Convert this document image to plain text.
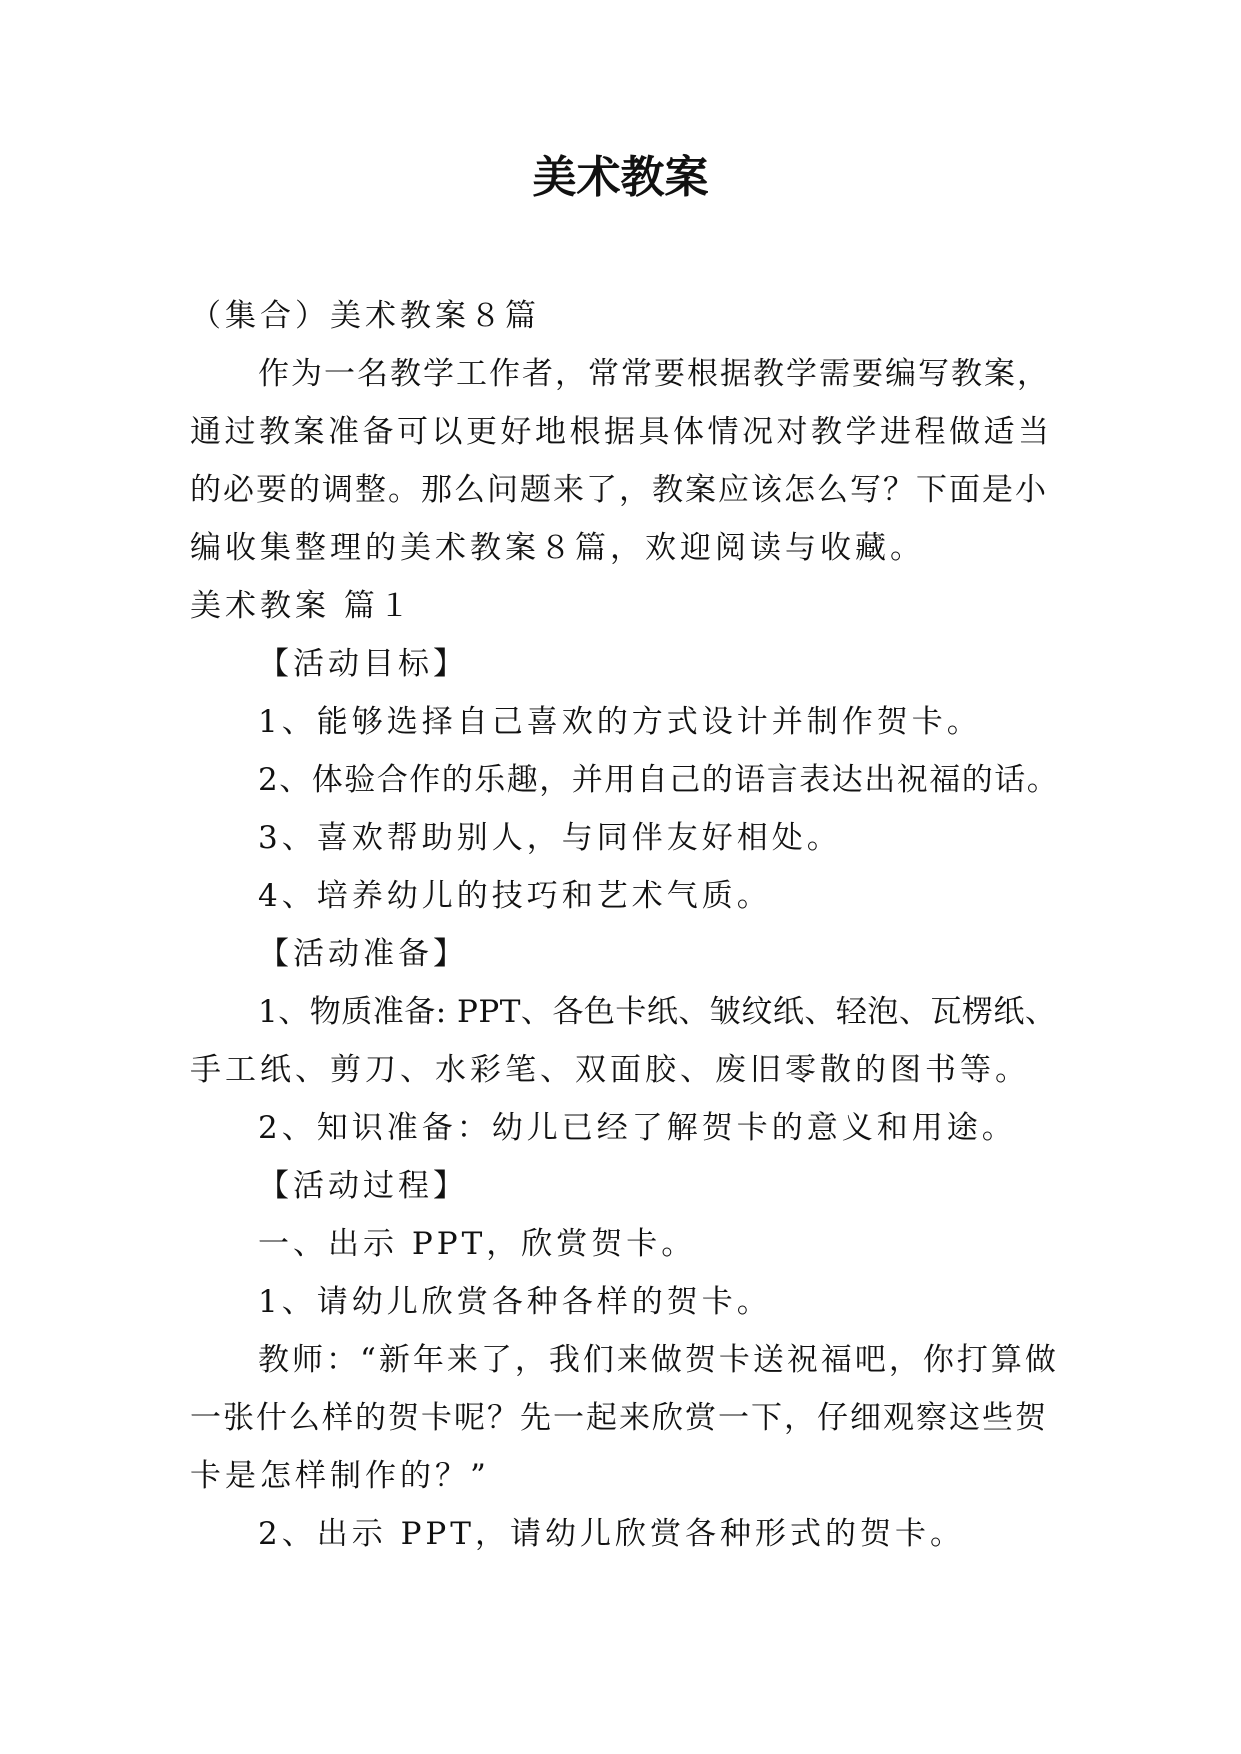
美术教案
（集合）美术教案８篇
作为一名教学工作者，常常要根据教学需要编写教案，
通过教案准备可以更好地根据具体情况对教学进程做适当
的必要的调整。那么问题来了，教案应该怎么写？下面是小
编收集整理的美术教案８篇，欢迎阅读与收藏。
美术教案 篇１
【活动目标】
1、能够选择自己喜欢的方式设计并制作贺卡。
2、体验合作的乐趣，并用自己的语言表达出祝福的话。
3、喜欢帮助别人，与同伴友好相处。
4、培养幼儿的技巧和艺术气质。
【活动准备】
1、物质准备: PPT、各色卡纸、皱纹纸、轻泡、瓦楞纸、
手工纸、剪刀、水彩笔、双面胶、废旧零散的图书等。
2、知识准备：幼儿已经了解贺卡的意义和用途。
【活动过程】
一、出示 PPT，欣赏贺卡。
1、请幼儿欣赏各种各样的贺卡。
教师：“新年来了，我们来做贺卡送祝福吧，你打算做
一张什么样的贺卡呢？先一起来欣赏一下，仔细观察这些贺
卡是怎样制作的？”
2、出示 PPT，请幼儿欣赏各种形式的贺卡。
